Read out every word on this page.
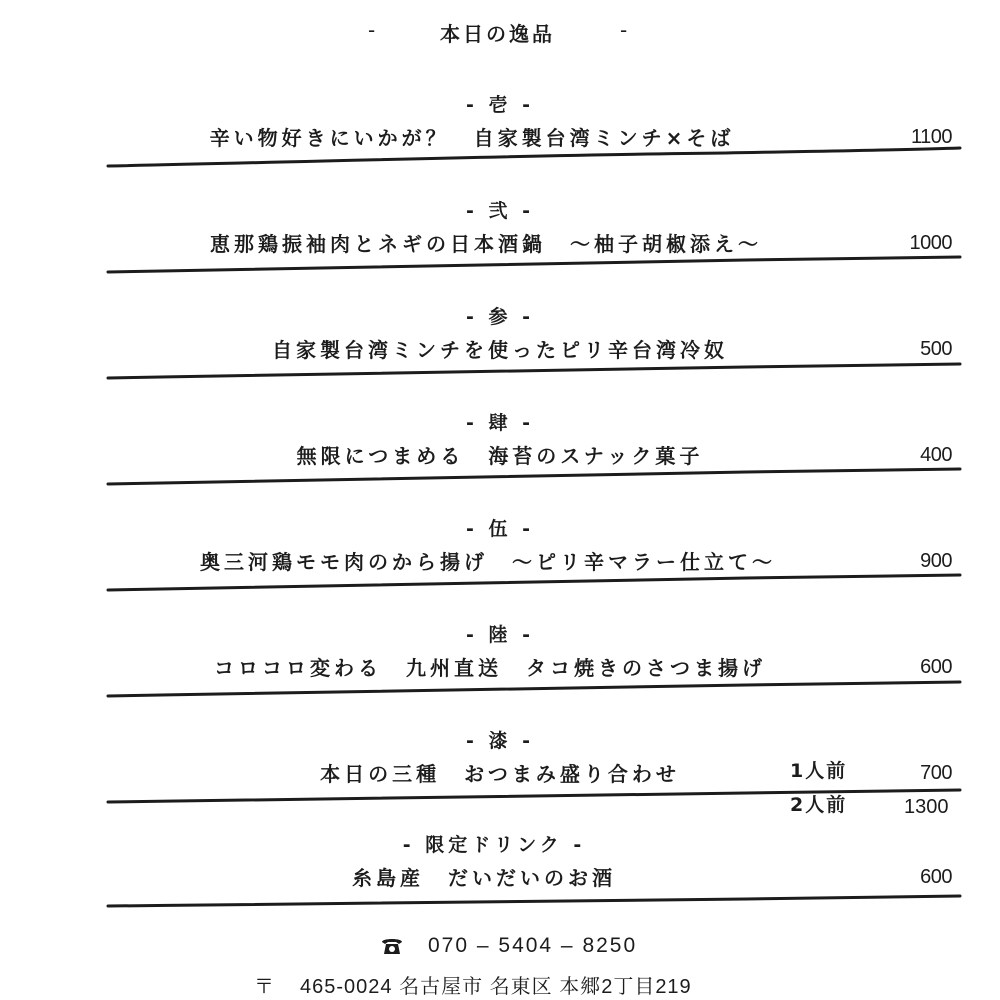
-	本日の逸品	-
- 壱 -
辛い物好きにいかが？　自家製台湾ミンチ×そば	1100
- 弐 -
恵那鶏振袖肉とネギの日本酒鍋　～柚子胡椒添え～	1000
- 参 -
自家製台湾ミンチを使ったピリ辛台湾冷奴	500
- 肆 -
無限につまめる　海苔のスナック菓子	400
- 伍 -
奥三河鶏モモ肉のから揚げ　～ピリ辛マラー仕立て～	900
- 陸 -
コロコロ変わる　九州直送　タコ焼きのさつま揚げ	600
- 漆 -
本日の三種　おつまみ盛り合わせ	1人前	700
2人前	1300
- 限定ドリンク -
糸島産　だいだいのお酒	600
070 – 5404 – 8250
〒 465-0024 名古屋市 名東区 本郷2丁目219
